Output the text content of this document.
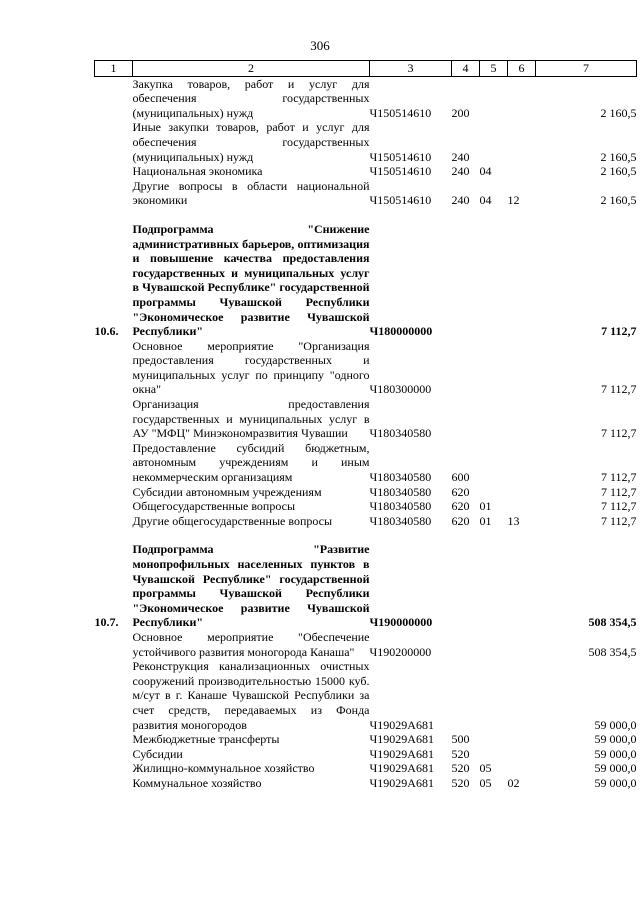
306
1	2	3	4	5	6	7
	Закупка товаров, работ и услуг для обеспечения государственных (муниципальных) нужд	Ч150514610	200			2 160,5
	Иные закупки товаров, работ и услуг для обеспечения государственных (муниципальных) нужд	Ч150514610	240			2 160,5
	Национальная экономика	Ч150514610	240	04		2 160,5
	Другие вопросы в области национальной экономики	Ч150514610	240	04	12	2 160,5

10.6.	Подпрограмма "Снижение административных барьеров, оптимизация и повышение качества предоставления государственных и муниципальных услуг в Чувашской Республике" государственной программы Чувашской Республики "Экономическое развитие Чувашской Республики"	Ч180000000				7 112,7
	Основное мероприятие "Организация предоставления государственных и муниципальных услуг по принципу "одного окна"	Ч180300000				7 112,7
	Организация предоставления государственных и муниципальных услуг в АУ "МФЦ" Минэкономразвития Чувашии	Ч180340580				7 112,7
	Предоставление субсидий бюджетным, автономным учреждениям и иным некоммерческим организациям	Ч180340580	600			7 112,7
	Субсидии автономным учреждениям	Ч180340580	620			7 112,7
	Общегосударственные вопросы	Ч180340580	620	01		7 112,7
	Другие общегосударственные вопросы	Ч180340580	620	01	13	7 112,7

10.7.	Подпрограмма "Развитие монопрофильных населенных пунктов в Чувашской Республике" государственной программы Чувашской Республики "Экономическое развитие Чувашской Республики"	Ч190000000				508 354,5
	Основное мероприятие "Обеспечение устойчивого развития моногорода Канаша"	Ч190200000				508 354,5
	Реконструкция канализационных очистных сооружений производительностью 15000 куб. м/сут в г. Канаше Чувашской Республики за счет средств, передаваемых из Фонда развития моногородов	Ч19029А681				59 000,0
	Межбюджетные трансферты	Ч19029А681	500			59 000,0
	Субсидии	Ч19029А681	520			59 000,0
	Жилищно-коммунальное хозяйство	Ч19029А681	520	05		59 000,0
	Коммунальное хозяйство	Ч19029А681	520	05	02	59 000,0
